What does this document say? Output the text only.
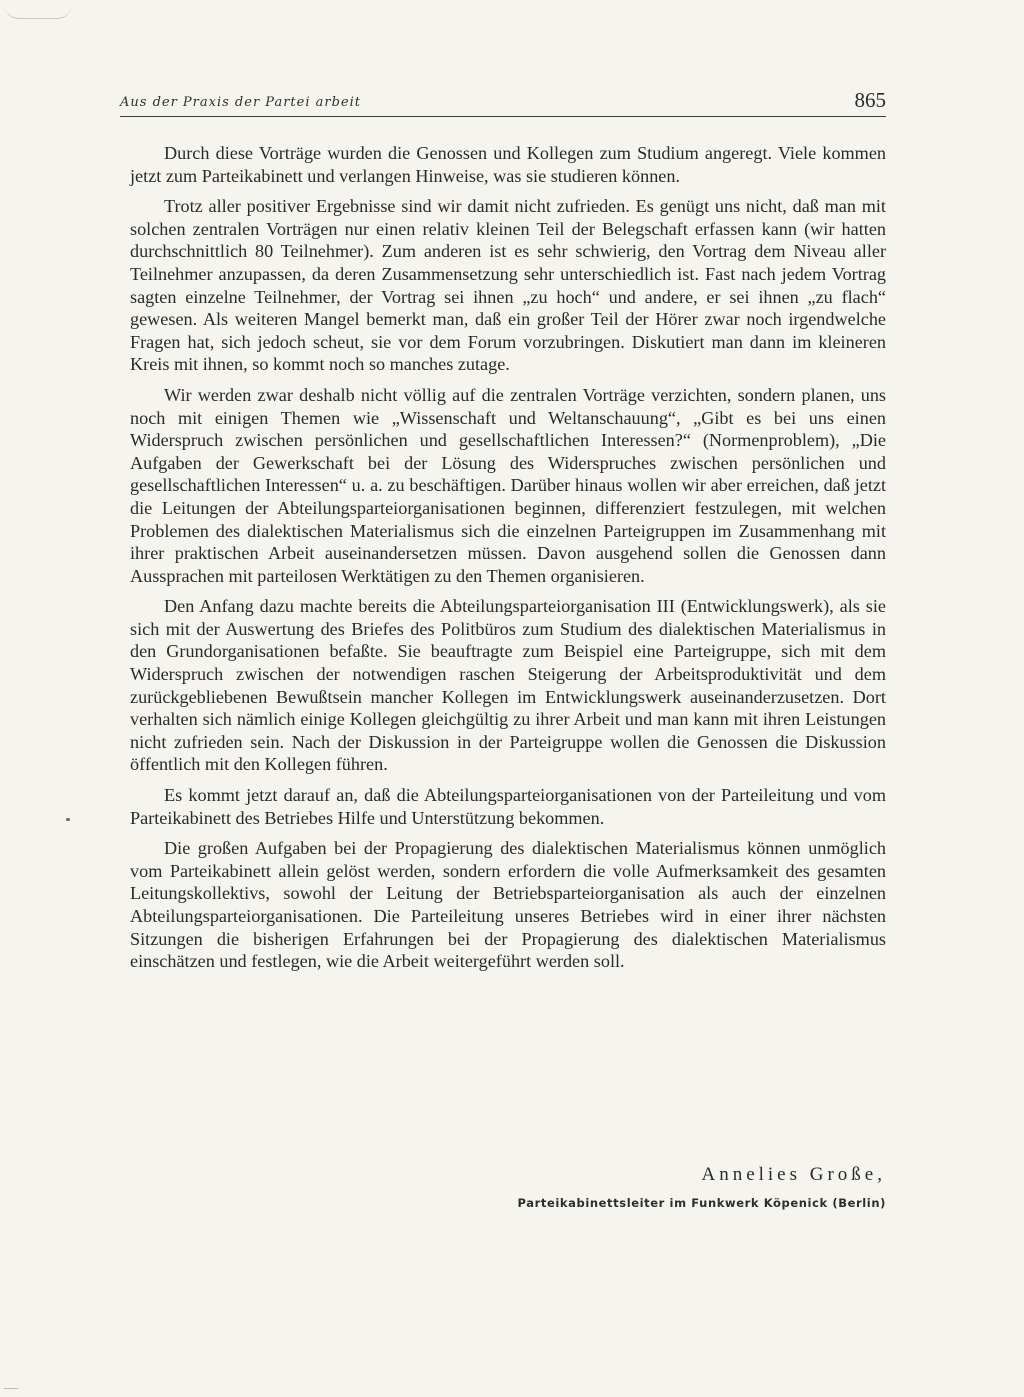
Aus der Praxis der Partei arbeit	865

Durch diese Vorträge wurden die Genossen und Kollegen zum Studium angeregt. Viele kommen jetzt zum Parteikabinett und verlangen Hinweise, was sie studieren können.

Trotz aller positiver Ergebnisse sind wir damit nicht zufrieden. Es genügt uns nicht, daß man mit solchen zentralen Vorträgen nur einen relativ kleinen Teil der Belegschaft erfassen kann (wir hatten durchschnittlich 80 Teilnehmer). Zum anderen ist es sehr schwierig, den Vortrag dem Niveau aller Teilnehmer anzupassen, da deren Zusammensetzung sehr unterschiedlich ist. Fast nach jedem Vortrag sagten einzelne Teilnehmer, der Vortrag sei ihnen „zu hoch“ und andere, er sei ihnen „zu flach“ gewesen. Als weiteren Mangel bemerkt man, daß ein großer Teil der Hörer zwar noch irgendwelche Fragen hat, sich jedoch scheut, sie vor dem Forum vorzubringen. Diskutiert man dann im kleineren Kreis mit ihnen, so kommt noch so manches zutage.

Wir werden zwar deshalb nicht völlig auf die zentralen Vorträge verzichten, sondern planen, uns noch mit einigen Themen wie „Wissenschaft und Weltanschauung“, „Gibt es bei uns einen Widerspruch zwischen persönlichen und gesellschaftlichen Interessen?“ (Normenproblem), „Die Aufgaben der Gewerkschaft bei der Lösung des Widerspruches zwischen persönlichen und gesellschaftlichen Interessen“ u. a. zu beschäftigen. Darüber hinaus wollen wir aber erreichen, daß jetzt die Leitungen der Abteilungsparteiorganisationen beginnen, differenziert festzulegen, mit welchen Problemen des dialektischen Materialismus sich die einzelnen Parteigruppen im Zusammenhang mit ihrer praktischen Arbeit auseinandersetzen müssen. Davon ausgehend sollen die Genossen dann Aussprachen mit parteilosen Werktätigen zu den Themen organisieren.

Den Anfang dazu machte bereits die Abteilungsparteiorganisation III (Entwicklungswerk), als sie sich mit der Auswertung des Briefes des Politbüros zum Studium des dialektischen Materialismus in den Grundorganisationen befaßte. Sie beauftragte zum Beispiel eine Parteigruppe, sich mit dem Widerspruch zwischen der notwendigen raschen Steigerung der Arbeitsproduktivität und dem zurückgebliebenen Bewußtsein mancher Kollegen im Entwicklungswerk auseinanderzusetzen. Dort verhalten sich nämlich einige Kollegen gleichgültig zu ihrer Arbeit und man kann mit ihren Leistungen nicht zufrieden sein. Nach der Diskussion in der Parteigruppe wollen die Genossen die Diskussion öffentlich mit den Kollegen führen.

Es kommt jetzt darauf an, daß die Abteilungsparteiorganisationen von der Parteileitung und vom Parteikabinett des Betriebes Hilfe und Unterstützung bekommen.

Die großen Aufgaben bei der Propagierung des dialektischen Materialismus können unmöglich vom Parteikabinett allein gelöst werden, sondern erfordern die volle Aufmerksamkeit des gesamten Leitungskollektivs, sowohl der Leitung der Betriebsparteiorganisation als auch der einzelnen Abteilungsparteiorganisationen. Die Parteileitung unseres Betriebes wird in einer ihrer nächsten Sitzungen die bisherigen Erfahrungen bei der Propagierung des dialektischen Materialismus einschätzen und festlegen, wie die Arbeit weitergeführt werden soll.

Annelies Große,
Parteikabinettsleiter im Funkwerk Köpenick (Berlin)
